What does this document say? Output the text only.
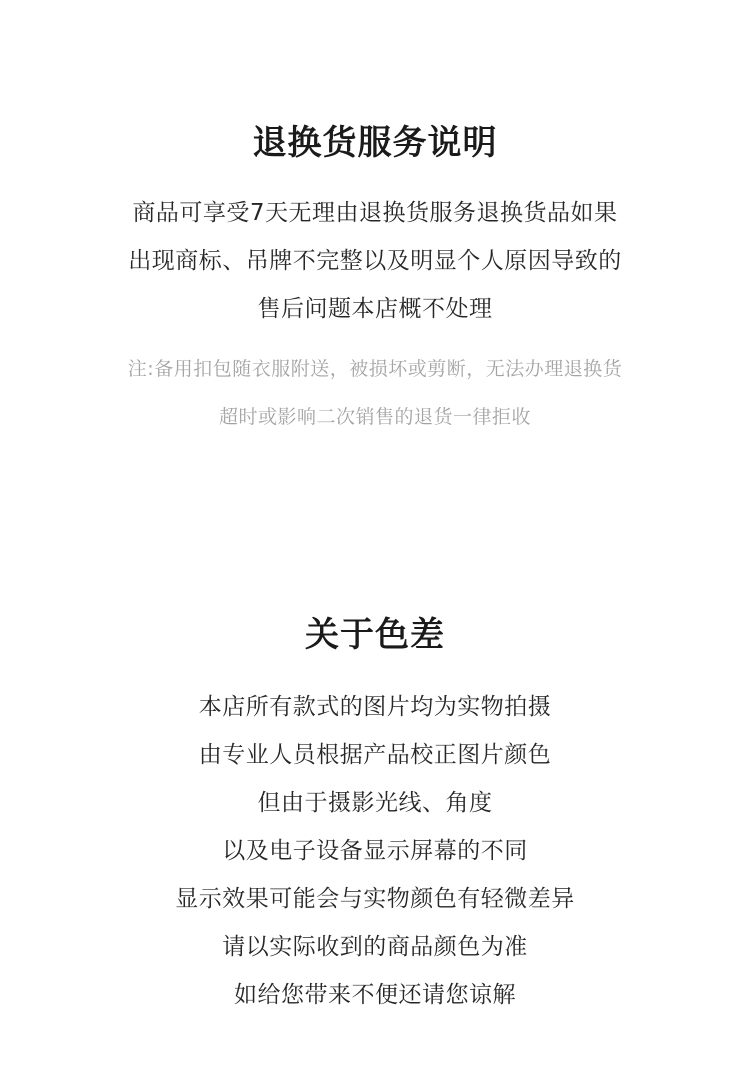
退换货服务说明
商品可享受7天无理由退换货服务退换货品如果
出现商标、吊牌不完整以及明显个人原因导致的
售后问题本店概不处理
注:备用扣包随衣服附送，被损坏或剪断，无法办理退换货
超时或影响二次销售的退货一律拒收
关于色差
本店所有款式的图片均为实物拍摄
由专业人员根据产品校正图片颜色
但由于摄影光线、角度
以及电子设备显示屏幕的不同
显示效果可能会与实物颜色有轻微差异
请以实际收到的商品颜色为准
如给您带来不便还请您谅解
